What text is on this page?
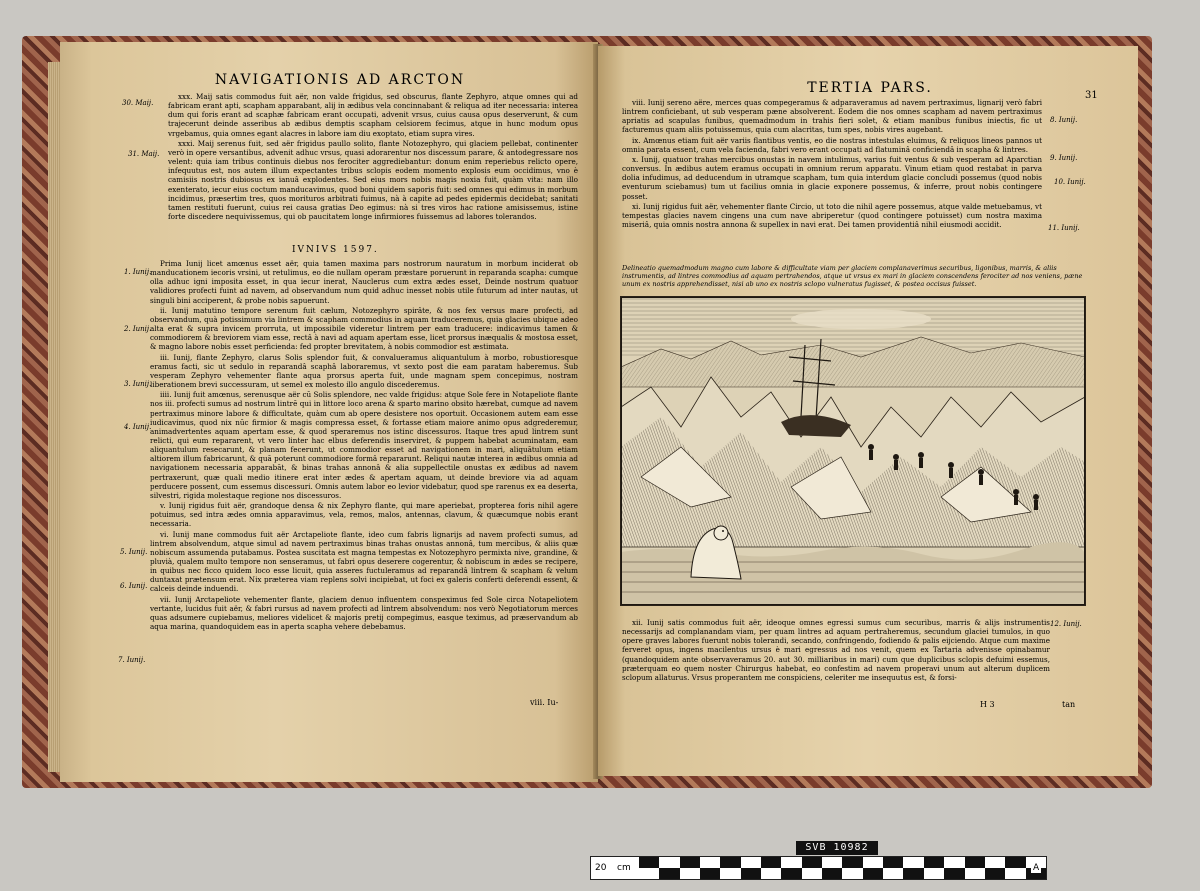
NAVIGATIONIS AD ARCTON
30. Maij.
31. Maij.
1. Iunij.
2. Iunij.
3. Iunij.
4. Iunij.
5. Iunij.
6. Iunij.
7. Iunij.

xxx. Maij satis commodus fuit aër, non valde frigidus, sed obscurus, flante Zephyro, atque omnes qui ad fabricam erant apti, scapham apparabant, alij in ædibus vela concinnabant & reliqua ad iter necessaria: interea dum qui foris erant ad scaphæ fabricam erant occupati, advenit vrsus, cuius causa opus deserverunt, & cum trajecerunt deinde asseribus ab ædibus demptis scapham celsiorem fecimus, atque in hunc modum opus vrgebamus, quia omnes egant alacres in labore iam diu exoptato, etiam supra vires.

xxxi. Maij serenus fuit, sed aër frigidus paullo solito, flante Notozephyro, qui glaciem pellebat, continenter verò in opere versantibus, advenit adhuc vrsus, quasi adorarentur nos discessum parare, & antodegressare nos velent: quia iam tribus continuis diebus nos ferociter aggrediebantur: donum enim reperiebus relicto opere, infequutus est, nos autem illum expectantes tribus sclopis eodem momento explosis eum occidimus, vno è camisiis nostris dubiosus ex ianuâ explodentes. Sed eius mors nobis magis noxia fuit, quàm vita: nam illo exenterato, iecur eius coctum manducavimus, quod boni quidem saporis fuit: sed omnes qui edimus in morbum incidimus, præsertim tres, quos morituros arbitrati fuimus, nà à capite ad pedes epidermis decidebat; sanitati tamen restituti fuerunt, cuius rei causa gratias Deo egimus: nà si tres viros hac ratione amisissemus, istine forte discedere nequivissemus, qui ob paucitatem longe infirmiores fuissemus ad labores tolerandos.

IVNIVS 1597.

Prima Iunij licet amœnus esset aër, quia tamen maxima pars nostrorum nauratum in morbum inciderat ob manducationem iecoris vrsini, ut retulimus, eo die nullam operam præstare poruerunt in reparanda scapha: cumque olla adhuc igni imposita esset, in qua iecur inerat, Nauclerus cum extra ædes esset, Deinde nostrum quatuor validiores profecti fuint ad navem, ad observandum num quid adhuc inesset nobis utile futurum ad inter nautas, ut singuli bini acciperent, & probe nobis sapuerunt.

ii. Iunij matutino tempore serenum fuit cælum, Notozephyro spirâte, & nos fex versus mare profecti, ad observandum, quà potissimum via lintrem & scapham commodius in aquam traduceremus, quia glacies ubique adeo alta erat & supra invicem prorruta, ut impossibile videretur lintrem per eam traducere: indicavimus tamen & commodiorem & breviorem viam esse, rectâ à navi ad aquam apertam esse, licet prorsus inæqualis & mostosa esset, & magno labore nobis esset perficienda: fed propter brevitatem, à nobis commodior est æstimata.

iii. Iunij, flante Zephyro, clarus Solis splendor fuit, & convalueramus aliquantulum à morbo, robustioresque eramus facti, sic ut sedulo in reparandâ scaphâ laboraremus, vt sexto post die eam paratam haberemus. Sub vesperam Zephyro vehementer flante aqua prorsus aperta fuit, unde magnam spem concepimus, nostram liberationem brevi successuram, ut semel ex molesto illo angulo discederemus.

iiii. Iunij fuit amœnus, serenusque aër cū Solis splendore, nec valde frigidus: atque Sole fere in Notapeliote flante nos iii. profecti sumus ad nostrum lintrē qui in littore loco arena & sparto marino obsito hærebat, cumque ad navem pertraximus minore labore & difficultate, quàm cum ab opere desistere nos oportuit. Occasionem autem eam esse iudicavimus, quod nix nūc firmior & magis compressa esset, & fortasse etiam maiore animo opus adgrederemur, animadvertentes aquam apertam esse, & quod speraremus nos istinc discessuros. Itaque tres apud lintrem sunt relicti, qui eum repararent, vt vero linter hac elbus deferendis inserviret, & puppem habebat acuminatam, eam aliquantulum resecarunt, & planam fecerunt, ut commodior esset ad navigationem in mari, aliquātulum etiam altiorem illum fabricarunt, & quā poterunt commodiore formâ repararunt. Reliqui nautæ interea in ædibus omnia ad navigationem necessaria apparabāt, & binas trahas annonâ & alia suppellectile onustas ex ædibus ad navem pertraxerunt, quæ quali medio itinere erat inter ædes & apertam aquam, ut deinde breviore via ad aquam perducere possent, cum essemus discessuri. Omnis autem labor eo levior videbatur, quod spe rarenus ex ea deserta, silvestri, rigida molestaque regione nos discessuros.

v. Iunij rigidus fuit aër, grandoque densa & nix Zephyro flante, qui mare aperiebat, propterea foris nihil agere potuimus, sed intra ædes omnia apparavimus, vela, remos, malos, antennas, clavum, & quæcumque nobis erant necessaria.

vi. Iunij mane commodus fuit aër Arctapeliote flante, ideo cum fabris lignarijs ad navem profecti sumus, ad lintrem absolvendum, atque simul ad navem pertraximus binas trahas onustas annonâ, tum mercibus, & aliis quæ nobiscum assumenda putabamus. Postea suscitata est magna tempestas ex Notozephyro permixta nive, grandine, & pluvià, qualem multo tempore non senseramus, ut fabri opus deserere cogerentur, & nobiscum in ædes se recipere, in quibus nec ficco quidem loco esse licuit, quia asseres fuctuleramus ad reparandâ lintrem & scapham & velum duntaxat prætensum erat. Nix præterea viam replens solvi incipiebat, ut foci ex galeris conferti deferendi essent, & calceis deinde induendi.

vii. Iunij Arctapeliote vehementer flante, glaciem denuo influentem conspeximus fed Sole circa Notapeliotem vertante, lucidus fuit aër, & fabri rursus ad navem profecti ad lintrem absolvendum: nos verò Negotiatorum merces quas adsumere cupiebamus, meliores videlicet & majoris pretij compegimus, easque teximus, ad præservandum ab aqua marina, quandoquidem eas in aperta scapha vehere debebamus.

viii. Iu-
TERTIA PARS.	31
8. Iunij.
9. Iunij.
10. Iunij.
11. Iunij.
12. Iunij.

viii. Iunij sereno aëre, merces quas compegeramus & adparaveramus ad navem pertraximus, lignarij verò fabri lintrem conficiebant, ut sub vesperam pæne absolverent. Eodem die nos omnes scapham ad navem pertraximus apriatis ad scapulas funibus, quemadmodum in trahis fieri solet, & etiam manibus funibus iniectis, fic ut facturemus quam aliis potuissemus, quia cum alacritas, tum spes, nobis vires augebant.

ix. Amœnus etiam fuit aër variis flantibus ventis, eo die nostras intestulas eluimus, & reliquos lineos pannos ut omnia parata essent, cum vela facienda, fabri vero erant occupati ad flatuminâ conficiendâ in scapha & lintres.

x. Iunij, quatuor trahas mercibus onustas in navem intulimus, varius fuit ventus & sub vesperam ad Aparctian conversus. In ædibus autem eramus occupati in omnium rerum apparatu. Vinum etiam quod restabat in parva dolia infudimus, ad deducendum in utramque scapham, tum quia interdum glacie concludi possemus (quod nobis eventurum sciebamus) tum ut facilius omnia in glacie exponere possemus, & inferre, prout nobis contingere posset.

xi. Iunij rigidus fuit aër, vehementer flante Circio, ut toto die nihil agere possemus, atque valde metuebamus, vt tempestas glacies navem cingens una cum nave abriperetur (quod contingere potuisset) cum nostra maxima miseriâ, quia omnis nostra annona & supellex in navi erat. Dei tamen providentiâ nihil eiusmodi accidit.

Delineatio quemadmodum magno cum labore & difficultate viam per glaciem complanaverimus securibus, ligonibus, marris, & aliis instrumentis, ad lintres commodius ad aquam pertrahendos, atque ut vrsus ex mari in glaciem conscendens ferociter ad nos veniens, pæne unum ex nostris apprehendisset, nisi ab uno ex nostris sclopo vulneratus fugisset, & postea occisus fuisset.

xii. Iunij satis commodus fuit aër, ideoque omnes egressi sumus cum securibus, marris & alijs instrumentis necessarijs ad complanandam viam, per quam lintres ad aquam pertraheremus, secundum glaciei tumulos, in quo opere graves labores fuerunt nobis tolerandi, secando, confringendo, fodiendo & palis eijciendo. Atque cum maxime ferveret opus, ingens macilentus ursus è mari egressus ad nos venit, quem ex Tartaria advenisse opinabamur (quandoquidem ante observaveramus 20. aut 30. milliaribus in mari) cum que duplicibus sclopis defuimi essemus, præterquam eo quem noster Chirurgus habebat, eo confestim ad navem properavi unum aut alterum duplicem sclopum allaturus. Vrsus properantem me conspiciens, celeriter me insequutus est, & forsi-

H 3	tan
SVB 10982
20 cm	A
